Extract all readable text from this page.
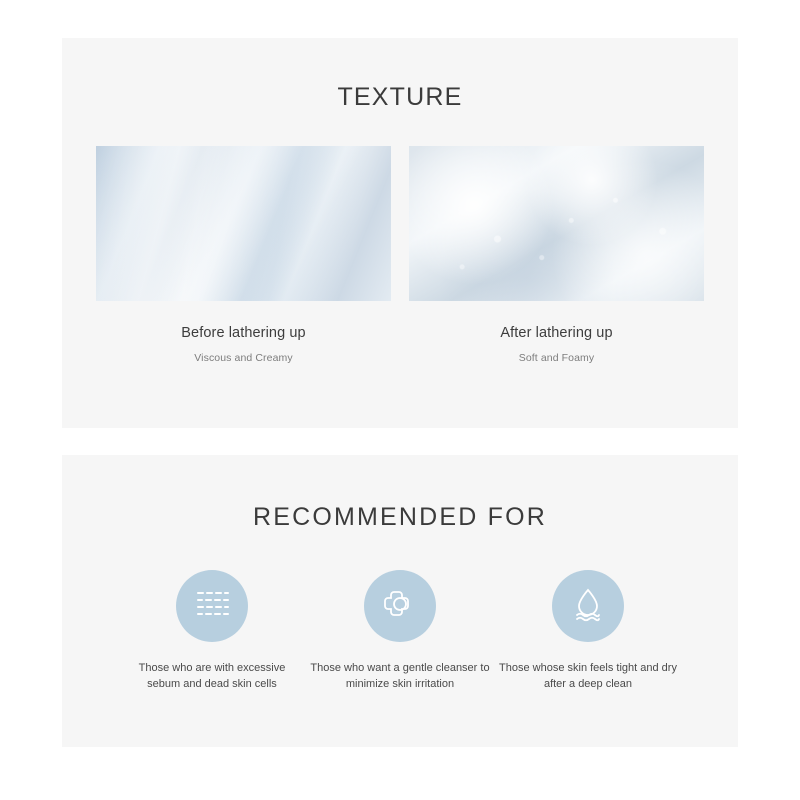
TEXTURE
Before lathering up
Viscous and Creamy
After lathering up
Soft and Foamy
RECOMMENDED FOR
Those who are with excessive sebum and dead skin cells
Those who want a gentle cleanser to minimize skin irritation
Those whose skin feels tight and dry after a deep clean
